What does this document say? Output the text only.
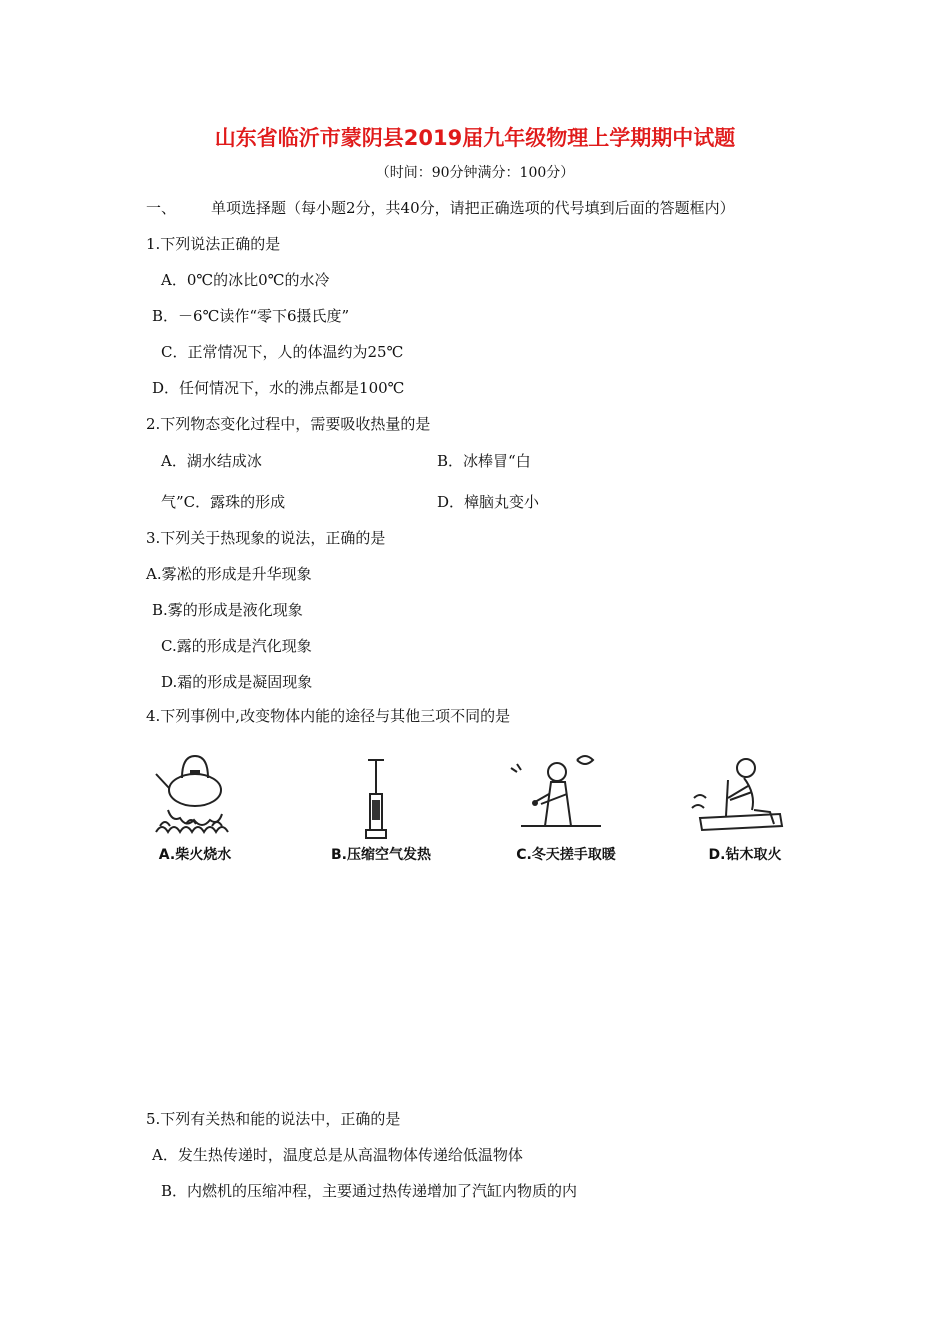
山东省临沂市蒙阴县2019届九年级物理上学期期中试题
（时间：90分钟满分：100分）
一、 单项选择题（每小题2分，共40分，请把正确选项的代号填到后面的答题框内）
1.下列说法正确的是
A．0℃的冰比0℃的水冷
B．－6℃读作“零下6摄氏度”
C．正常情况下，人的体温约为25℃
D．任何情况下，水的沸点都是100℃
2.下列物态变化过程中，需要吸收热量的是
A．湖水结成冰	B．冰棒冒“白
气”C．露珠的形成	D．樟脑丸变小
3.下列关于热现象的说法，正确的是
A.雾凇的形成是升华现象
B.雾的形成是液化现象
C.露的形成是汽化现象
D.霜的形成是凝固现象
4.下列事例中,改变物体内能的途径与其他三项不同的是
A.柴火烧水	B.压缩空气发热	C.冬天搓手取暖	D.钻木取火
5.下列有关热和能的说法中，正确的是
A．发生热传递时，温度总是从高温物体传递给低温物体
B．内燃机的压缩冲程，主要通过热传递增加了汽缸内物质的内
